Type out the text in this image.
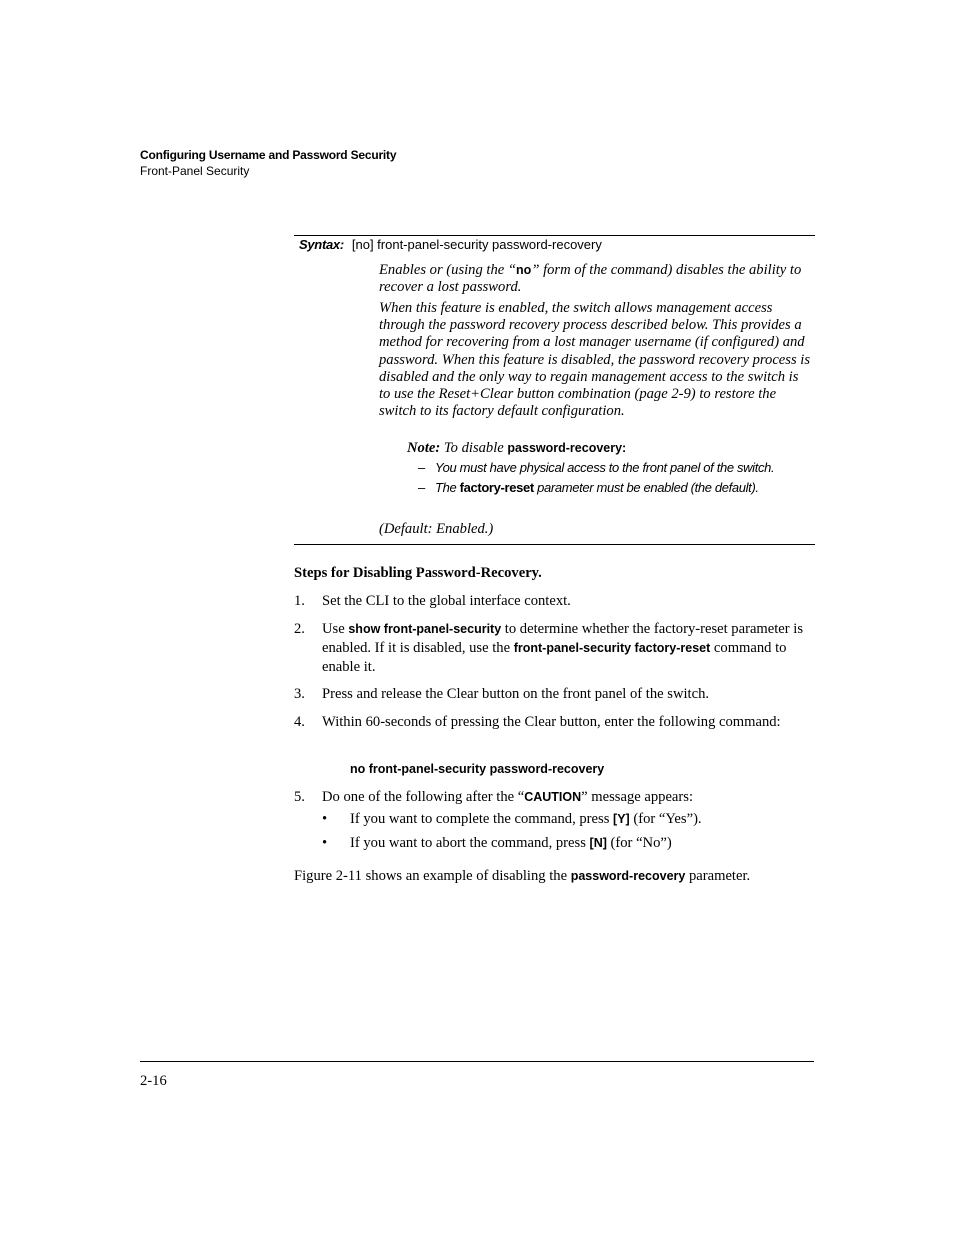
Configuring Username and Password Security
Front-Panel Security
Syntax: [no] front-panel-security password-recovery

Enables or (using the “no” form of the command) disables the ability to recover a lost password.

When this feature is enabled, the switch allows management access through the password recovery process described below. This provides a method for recovering from a lost manager username (if configured) and password. When this feature is disabled, the password recovery process is disabled and the only way to regain management access to the switch is to use the Reset+Clear button combination (page 2-9) to restore the switch to its factory default configuration.

Note: To disable password-recovery:
– You must have physical access to the front panel of the switch.
– The factory-reset parameter must be enabled (the default).
(Default: Enabled.)
Steps for Disabling Password-Recovery.
1. Set the CLI to the global interface context.
2. Use show front-panel-security to determine whether the factory-reset parameter is enabled. If it is disabled, use the front-panel-security factory-reset command to enable it.
3. Press and release the Clear button on the front panel of the switch.
4. Within 60-seconds of pressing the Clear button, enter the following command:
no front-panel-security password-recovery
5. Do one of the following after the “CAUTION” message appears:
• If you want to complete the command, press [Y] (for “Yes”).
• If you want to abort the command, press [N] (for “No”)
Figure 2-11 shows an example of disabling the password-recovery parameter.
2-16
